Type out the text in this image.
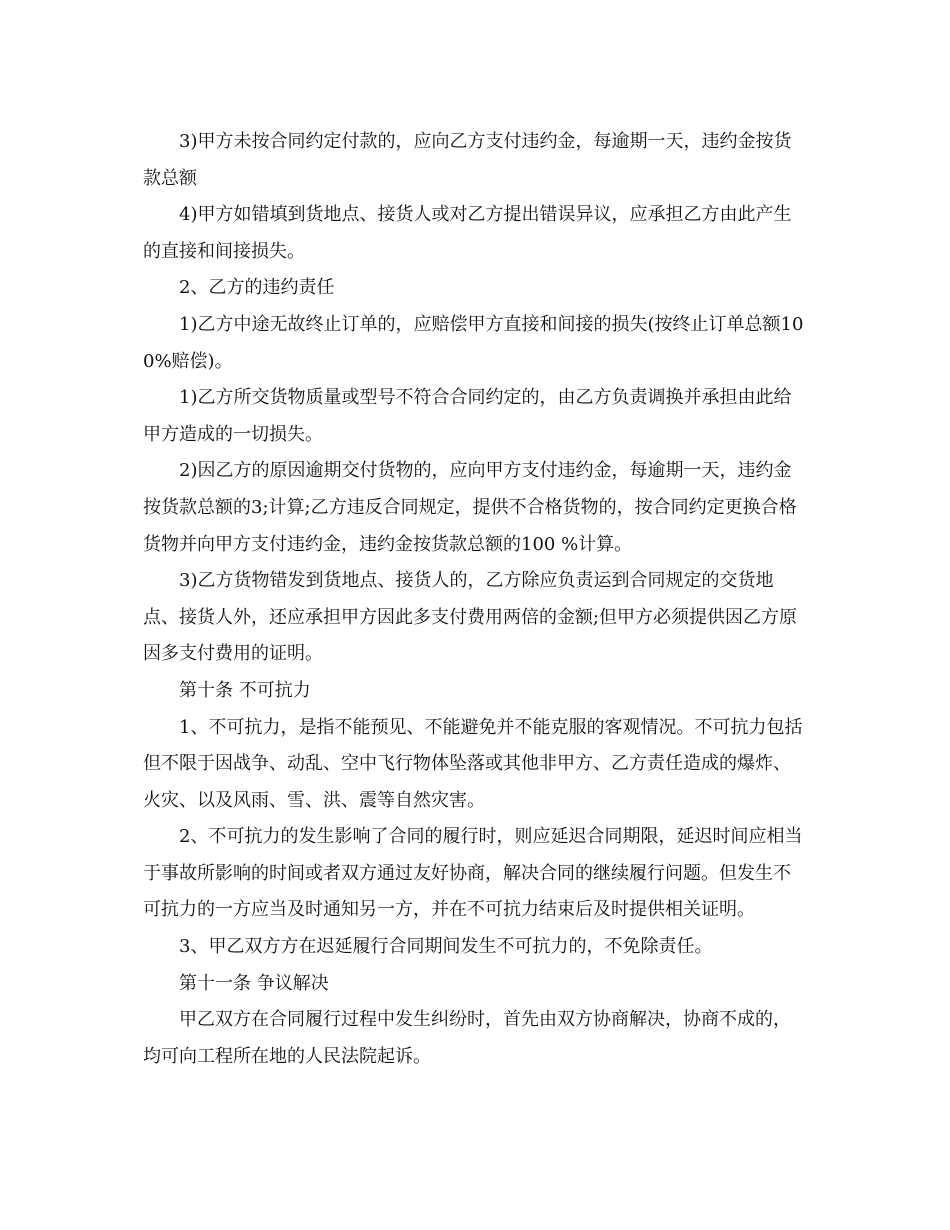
3)甲方未按合同约定付款的，应向乙方支付违约金，每逾期一天，违约金按货款总额

4)甲方如错填到货地点、接货人或对乙方提出错误异议，应承担乙方由此产生的直接和间接损失。

2、乙方的违约责任

1)乙方中途无故终止订单的，应赔偿甲方直接和间接的损失(按终止订单总额100%赔偿)。

1)乙方所交货物质量或型号不符合合同约定的，由乙方负责调换并承担由此给甲方造成的一切损失。

2)因乙方的原因逾期交付货物的，应向甲方支付违约金，每逾期一天，违约金按货款总额的3;计算;乙方违反合同规定，提供不合格货物的，按合同约定更换合格货物并向甲方支付违约金，违约金按货款总额的100 %计算。

3)乙方货物错发到货地点、接货人的，乙方除应负责运到合同规定的交货地点、接货人外，还应承担甲方因此多支付费用两倍的金额;但甲方必须提供因乙方原因多支付费用的证明。

第十条 不可抗力

1、不可抗力，是指不能预见、不能避免并不能克服的客观情况。不可抗力包括但不限于因战争、动乱、空中飞行物体坠落或其他非甲方、乙方责任造成的爆炸、火灾、以及风雨、雪、洪、震等自然灾害。

2、不可抗力的发生影响了合同的履行时，则应延迟合同期限，延迟时间应相当于事故所影响的时间或者双方通过友好协商，解决合同的继续履行问题。但发生不可抗力的一方应当及时通知另一方，并在不可抗力结束后及时提供相关证明。

3、甲乙双方方在迟延履行合同期间发生不可抗力的，不免除责任。

第十一条 争议解决

甲乙双方在合同履行过程中发生纠纷时，首先由双方协商解决，协商不成的，均可向工程所在地的人民法院起诉。
